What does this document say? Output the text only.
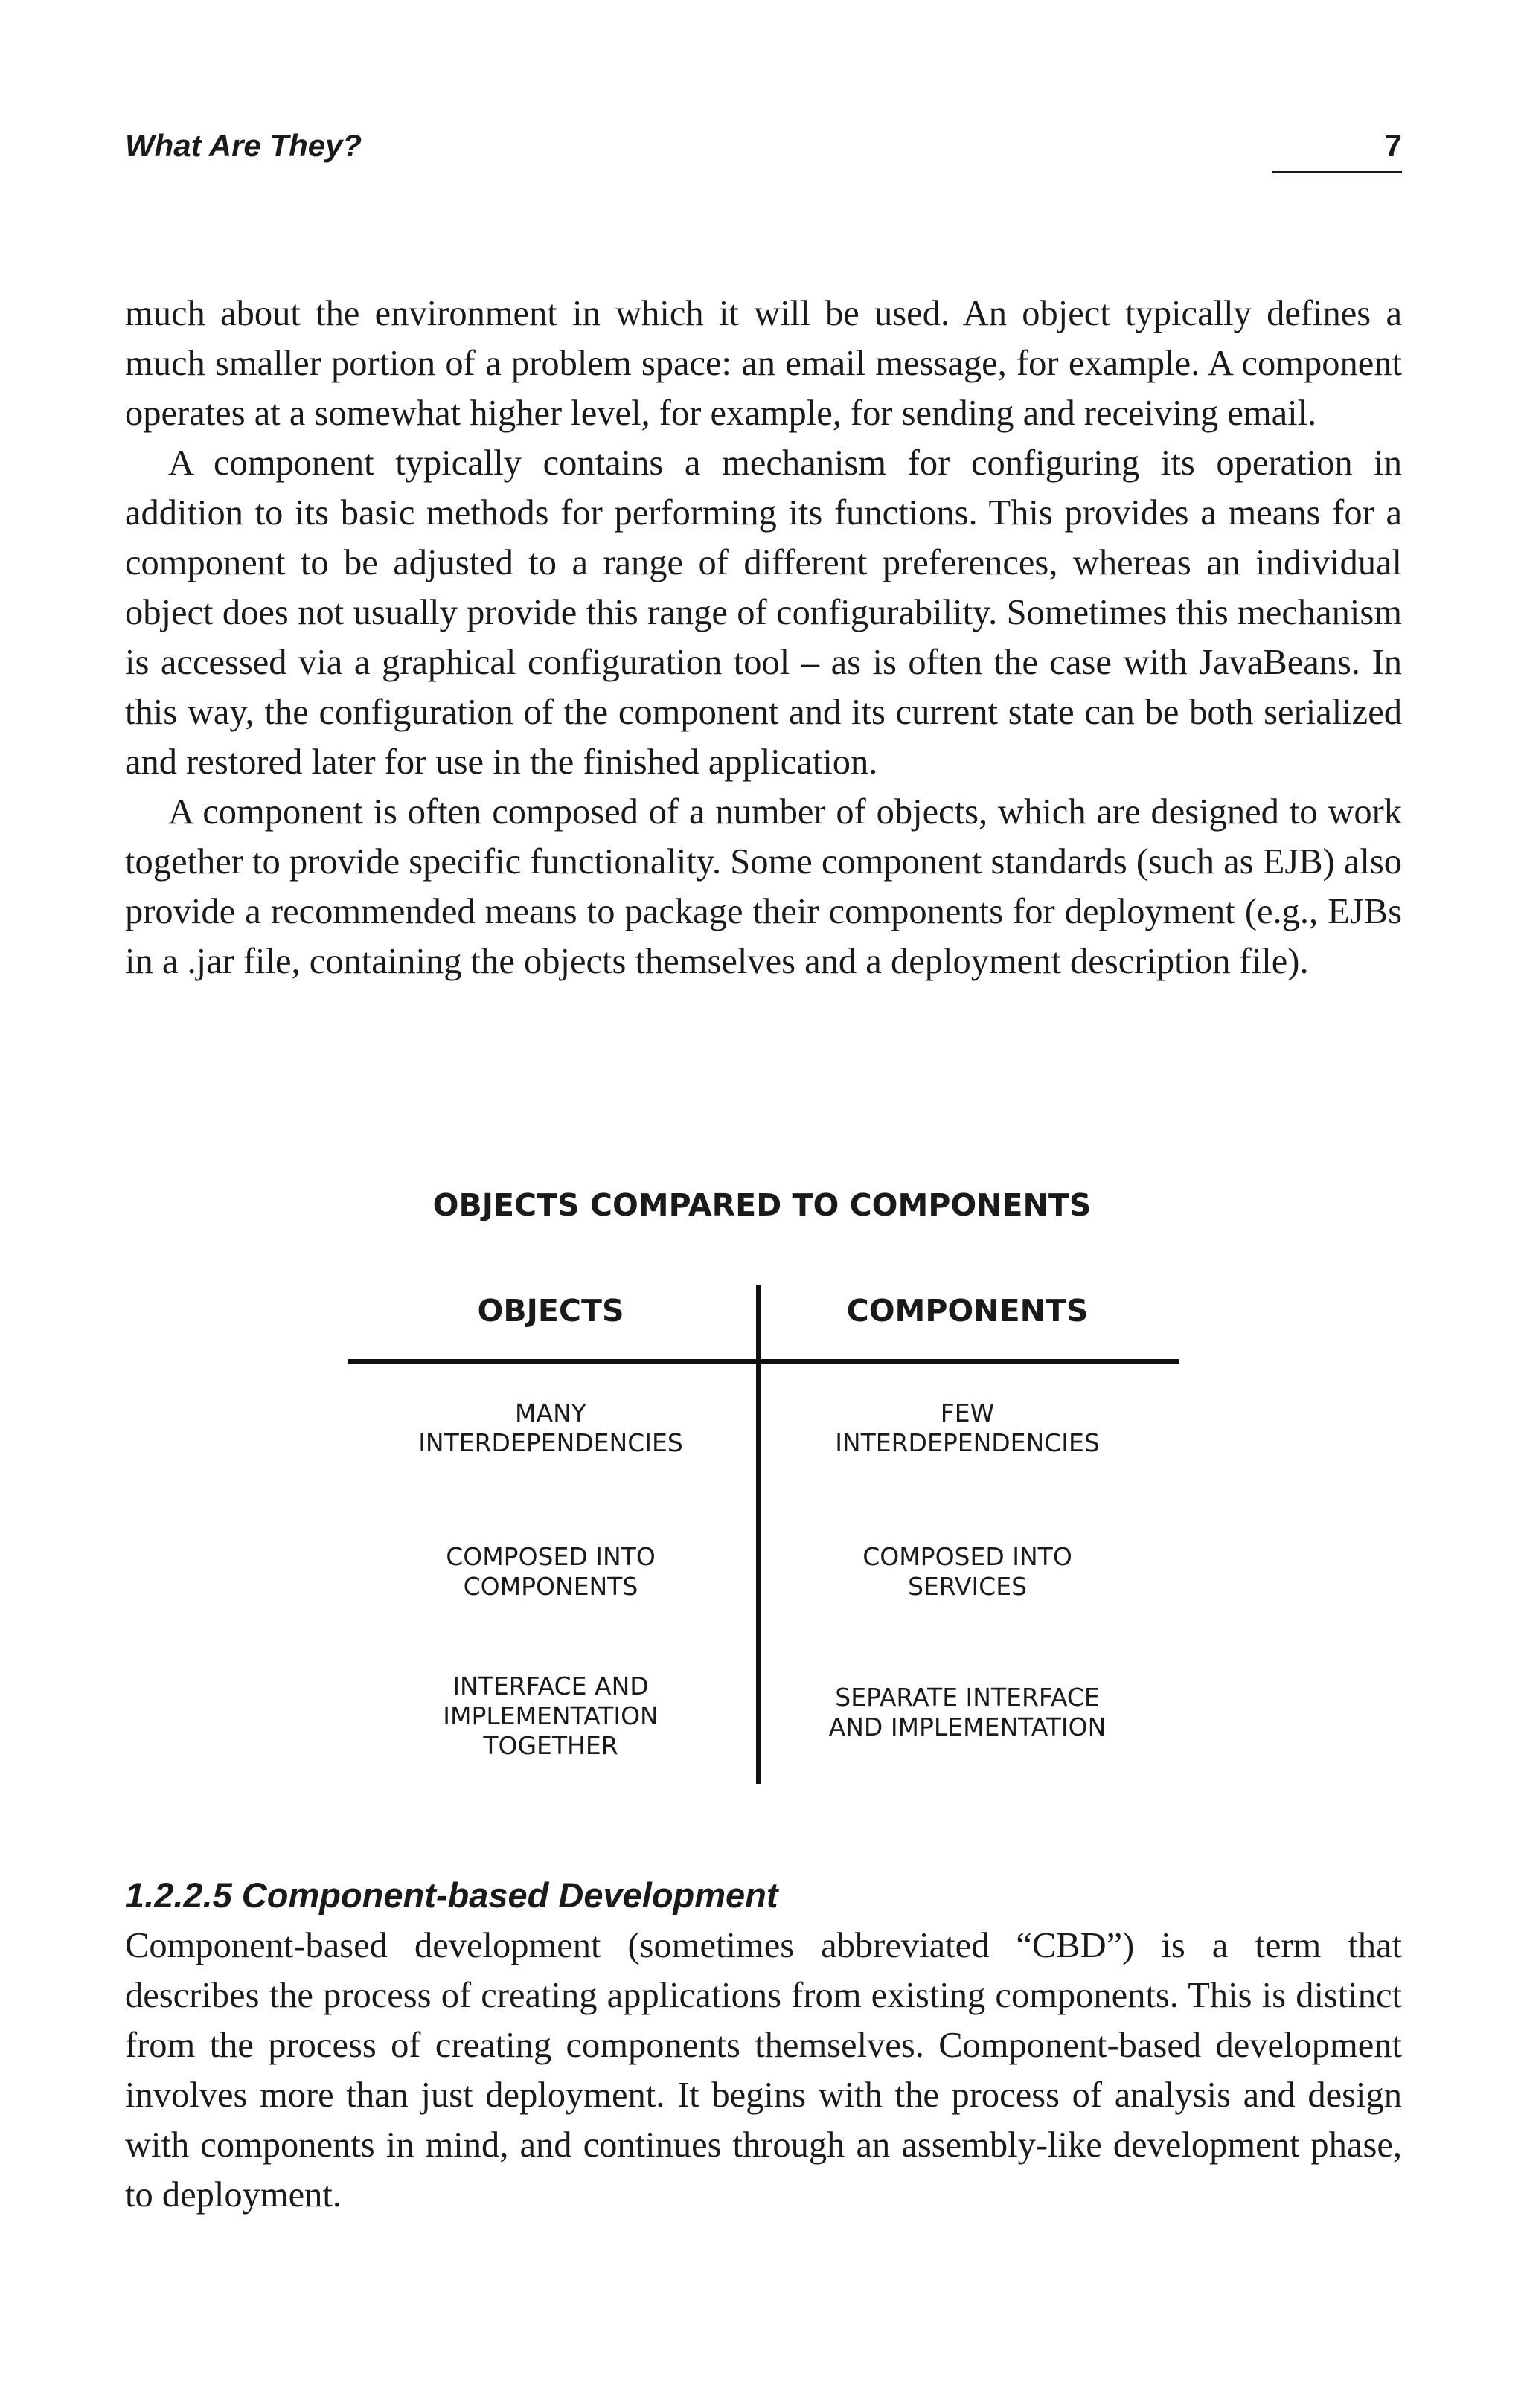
What Are They?	7

much about the environment in which it will be used. An object typically defines a much smaller portion of a problem space: an email message, for example. A component operates at a somewhat higher level, for example, for sending and receiving email.

A component typically contains a mechanism for configuring its operation in addition to its basic methods for performing its functions. This provides a means for a component to be adjusted to a range of different preferences, whereas an individual object does not usually provide this range of configurability. Sometimes this mechanism is accessed via a graphical configuration tool – as is often the case with JavaBeans. In this way, the configuration of the component and its current state can be both serialized and restored later for use in the finished application.

A component is often composed of a number of objects, which are designed to work together to provide specific functionality. Some component standards (such as EJB) also provide a recommended means to package their components for deployment (e.g., EJBs in a .jar file, containing the objects themselves and a deployment description file).

OBJECTS COMPARED TO COMPONENTS
OBJECTS	COMPONENTS
MANY
INTERDEPENDENCIES
FEW
INTERDEPENDENCIES
COMPOSED INTO
COMPONENTS
COMPOSED INTO
SERVICES
INTERFACE AND
IMPLEMENTATION
TOGETHER
SEPARATE INTERFACE
AND IMPLEMENTATION
1.2.2.5 Component-based Development

Component-based development (sometimes abbreviated “CBD”) is a term that describes the process of creating applications from existing components. This is distinct from the process of creating components themselves. Component-based development involves more than just deployment. It begins with the process of analysis and design with components in mind, and continues through an assembly-like development phase, to deployment.
